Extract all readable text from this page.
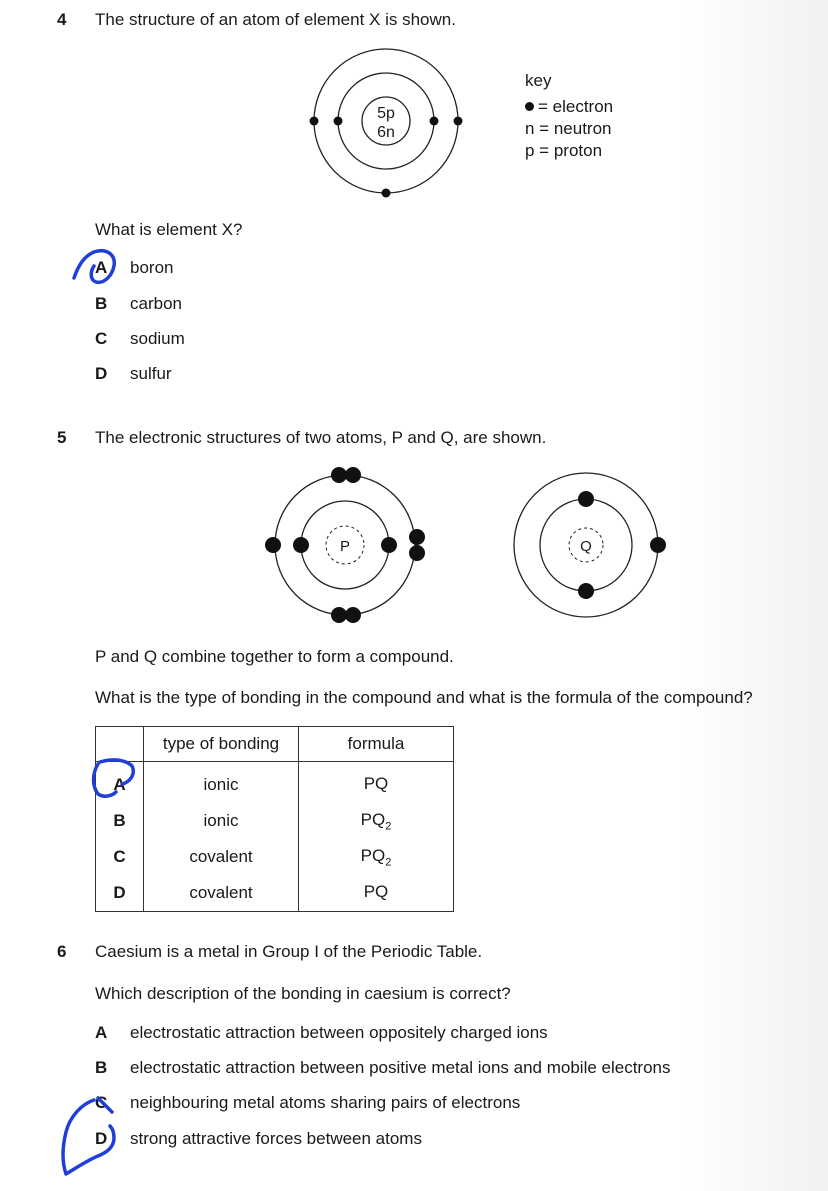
4 The structure of an atom of element X is shown.
5p
6n
key
= electron
n = neutron
p = proton
What is element X?
A boron
B carbon
C sodium
D sulfur
5 The electronic structures of two atoms, P and Q, are shown.
P	Q
P and Q combine together to form a compound.
What is the type of bonding in the compound and what is the formula of the compound?
	type of bonding	formula
A	ionic	PQ
B	ionic	$PQ_2$
C	covalent	$PQ_2$
D	covalent	PQ
6 Caesium is a metal in Group I of the Periodic Table.
Which description of the bonding in caesium is correct?
A electrostatic attraction between oppositely charged ions
B electrostatic attraction between positive metal ions and mobile electrons
C neighbouring metal atoms sharing pairs of electrons
D strong attractive forces between atoms
